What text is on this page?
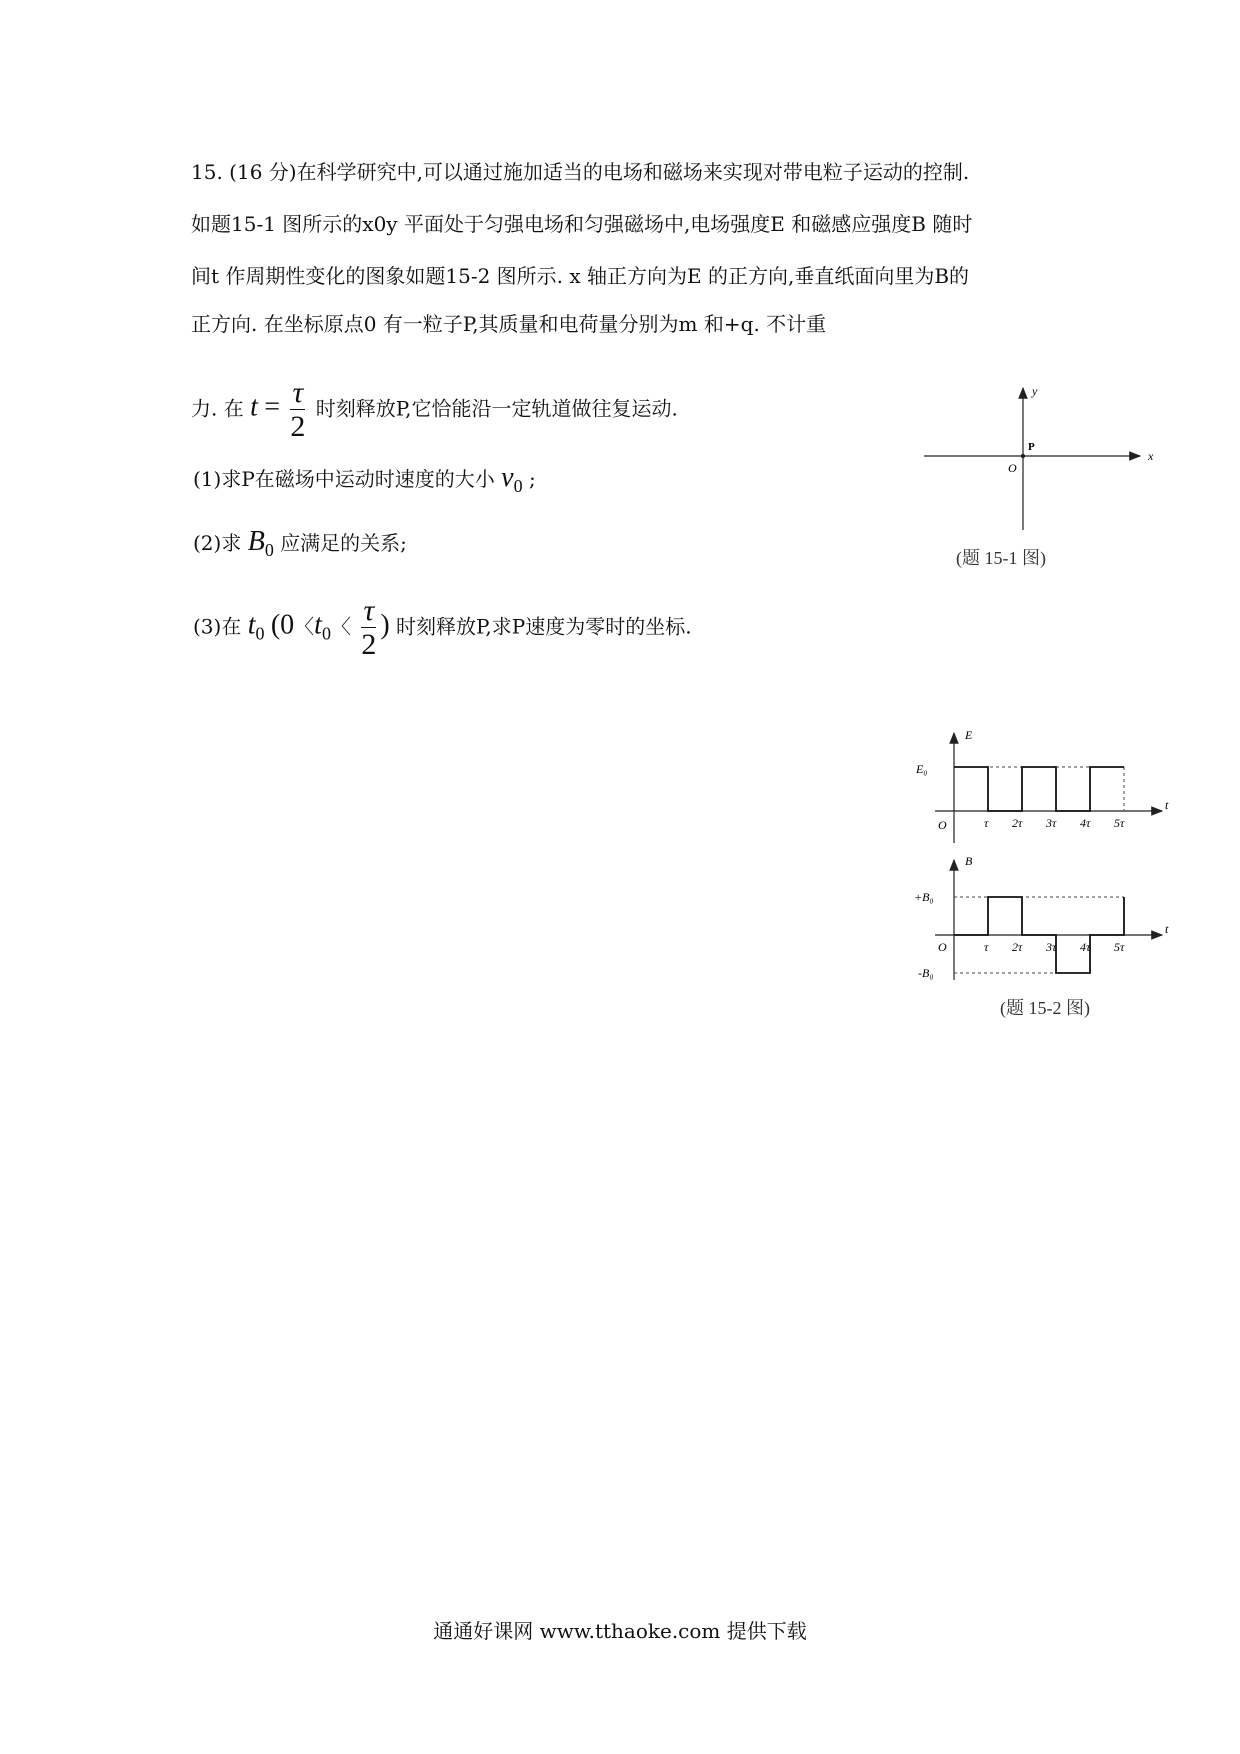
15. (16 分)在科学研究中,可以通过施加适当的电场和磁场来实现对带电粒子运动的控制.
如题15-1 图所示的x0y 平面处于匀强电场和匀强磁场中,电场强度E 和磁感应强度B 随时
间t 作周期性变化的图象如题15-2 图所示. x 轴正方向为E 的正方向,垂直纸面向里为B的
正方向. 在坐标原点0 有一粒子P,其质量和电荷量分别为m 和+q. 不计重
力. 在 $t = \frac{\tau}{2}$ 时刻释放P,它恰能沿一定轨道做往复运动.
(1)求P在磁场中运动时速度的大小 v0 ;
(2)求 B0 应满足的关系;
(3)在 t0 (0〈t0〈 $\frac{\tau}{2}$ ) 时刻释放P,求P速度为零时的坐标.
y
x
O
P
(题 15-1 图)
E
E₀
O
t
τ 2τ 3τ 4τ 5τ
B
+B₀
-B₀
O
t
τ 2τ 3τ 4τ 5τ
(题 15-2 图)
通通好课网 www.tthaoke.com 提供下载
